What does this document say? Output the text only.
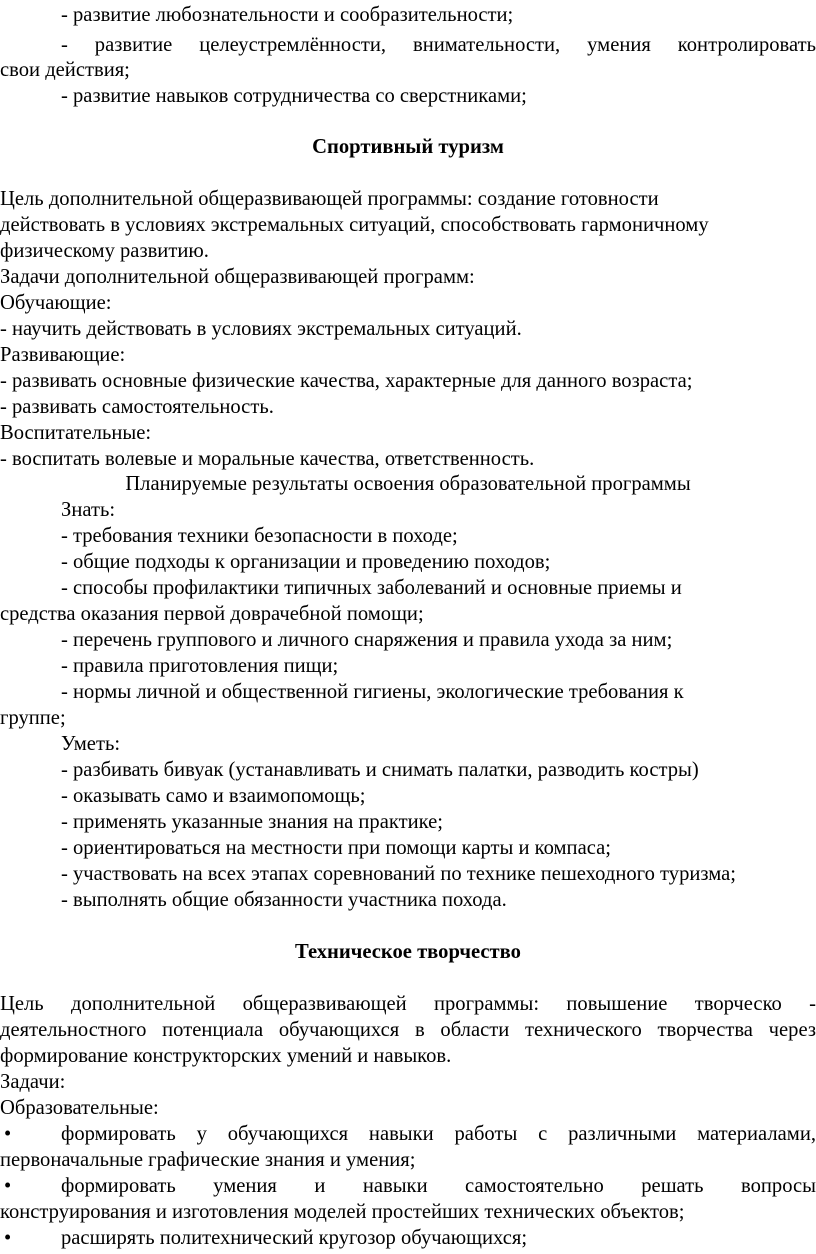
- развитие любознательности и сообразительности;
- развитие целеустремлённости, внимательности, умения контролировать
свои действия;
- развитие навыков сотрудничества со сверстниками;
Спортивный туризм
Цель дополнительной общеразвивающей программы: создание готовности
действовать в условиях экстремальных ситуаций, способствовать гармоничному
физическому развитию.
Задачи дополнительной общеразвивающей программ:
Обучающие:
- научить действовать в условиях экстремальных ситуаций.
Развивающие:
- развивать основные физические качества, характерные для данного возраста;
- развивать самостоятельность.
Воспитательные:
- воспитать волевые и моральные качества, ответственность.
Планируемые результаты освоения образовательной программы
Знать:
- требования техники безопасности в походе;
- общие подходы к организации и проведению походов;
- способы профилактики типичных заболеваний и основные приемы и
средства оказания первой доврачебной помощи;
- перечень группового и личного снаряжения и правила ухода за ним;
- правила приготовления пищи;
- нормы личной и общественной гигиены, экологические требования к
группе;
Уметь:
- разбивать бивуак (устанавливать и снимать палатки, разводить костры)
- оказывать само и взаимопомощь;
- применять указанные знания на практике;
- ориентироваться на местности при помощи карты и компаса;
- участвовать на всех этапах соревнований по технике пешеходного туризма;
- выполнять общие обязанности участника похода.
Техническое творчество
Цель дополнительной общеразвивающей программы: повышение творческо -
деятельностного потенциала обучающихся в области технического творчества через
формирование конструкторских умений и навыков.
Задачи:
Образовательные:
• формировать у обучающихся навыки работы с различными материалами,
первоначальные графические знания и умения;
• формировать умения и навыки самостоятельно решать вопросы
конструирования и изготовления моделей простейших технических объектов;
• расширять политехнический кругозор обучающихся;
